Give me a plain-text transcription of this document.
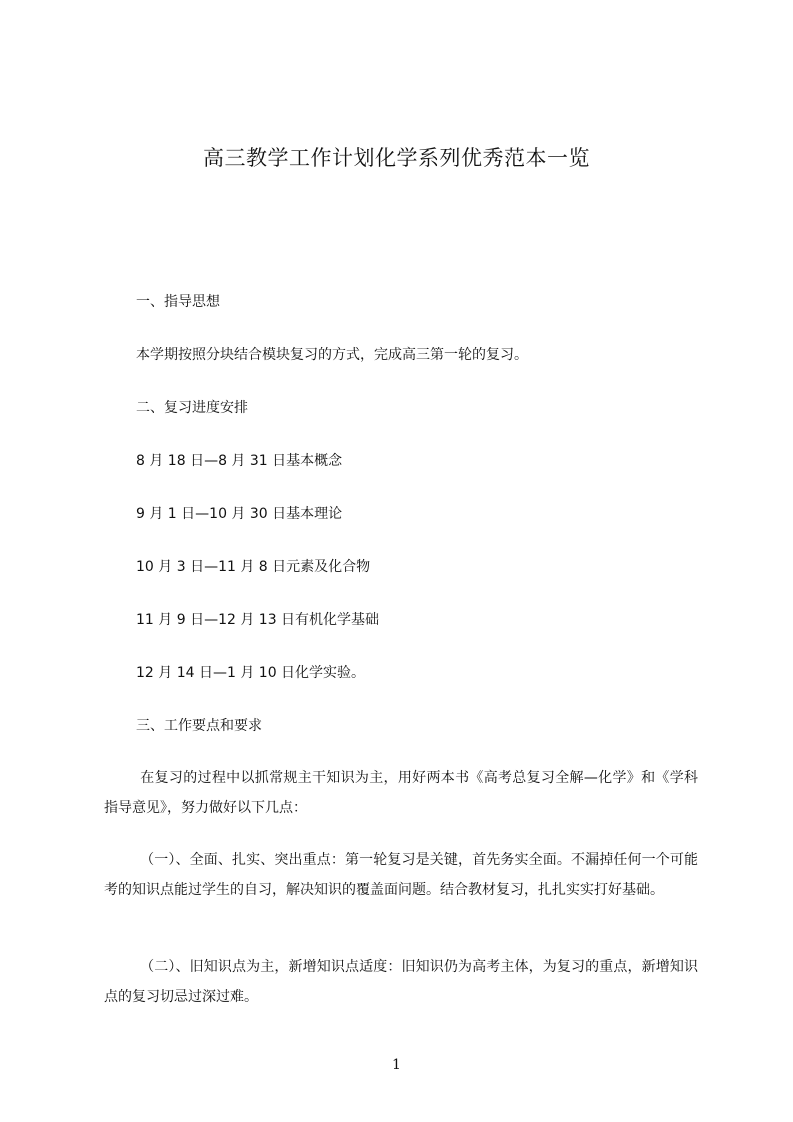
高三教学工作计划化学系列优秀范本一览
一、指导思想
本学期按照分块结合模块复习的方式，完成高三第一轮的复习。
二、复习进度安排
8 月 18 日—8 月 31 日基本概念
9 月 1 日—10 月 30 日基本理论
10 月 3 日—11 月 8 日元素及化合物
11 月 9 日—12 月 13 日有机化学基础
12 月 14 日—1 月 10 日化学实验。
三、工作要点和要求
在复习的过程中以抓常规主干知识为主，用好两本书《高考总复习全解—化学》和《学科指导意见》，努力做好以下几点：
（一）、全面、扎实、突出重点：第一轮复习是关键，首先务实全面。不漏掉任何一个可能考的知识点能过学生的自习，解决知识的覆盖面问题。结合教材复习，扎扎实实打好基础。
（二）、旧知识点为主，新增知识点适度：旧知识仍为高考主体，为复习的重点，新增知识点的复习切忌过深过难。
1
